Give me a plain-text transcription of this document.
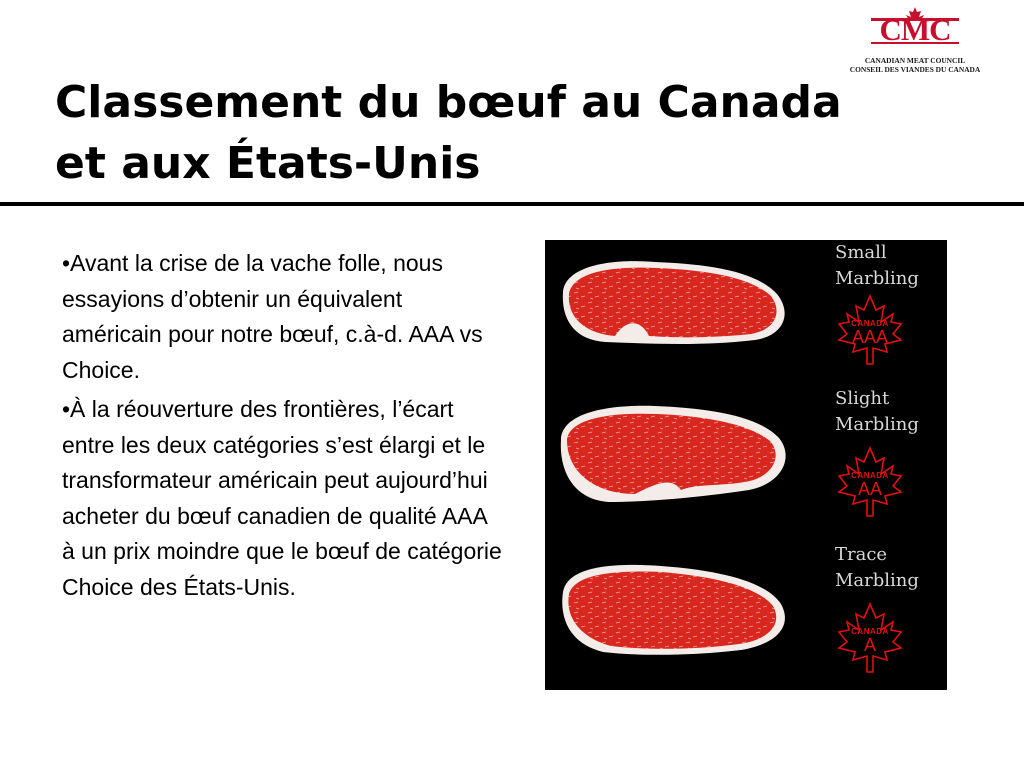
CMC
CANADIAN MEAT COUNCIL
CONSEIL DES VIANDES DU CANADA
Classement du bœuf au Canada et aux États-Unis
•Avant la crise de la vache folle, nous essayions d’obtenir un équivalent américain pour notre bœuf, c.à-d. AAA vs Choice.
•À la réouverture des frontières, l’écart entre les deux catégories s’est élargi et le transformateur américain peut aujourd’hui acheter du bœuf canadien de qualité AAA à un prix moindre que le bœuf de catégorie Choice des États-Unis.
Small
Marbling
CANADA
AAA
Slight
Marbling
CANADA
AA
Trace
Marbling
CANADA
A
